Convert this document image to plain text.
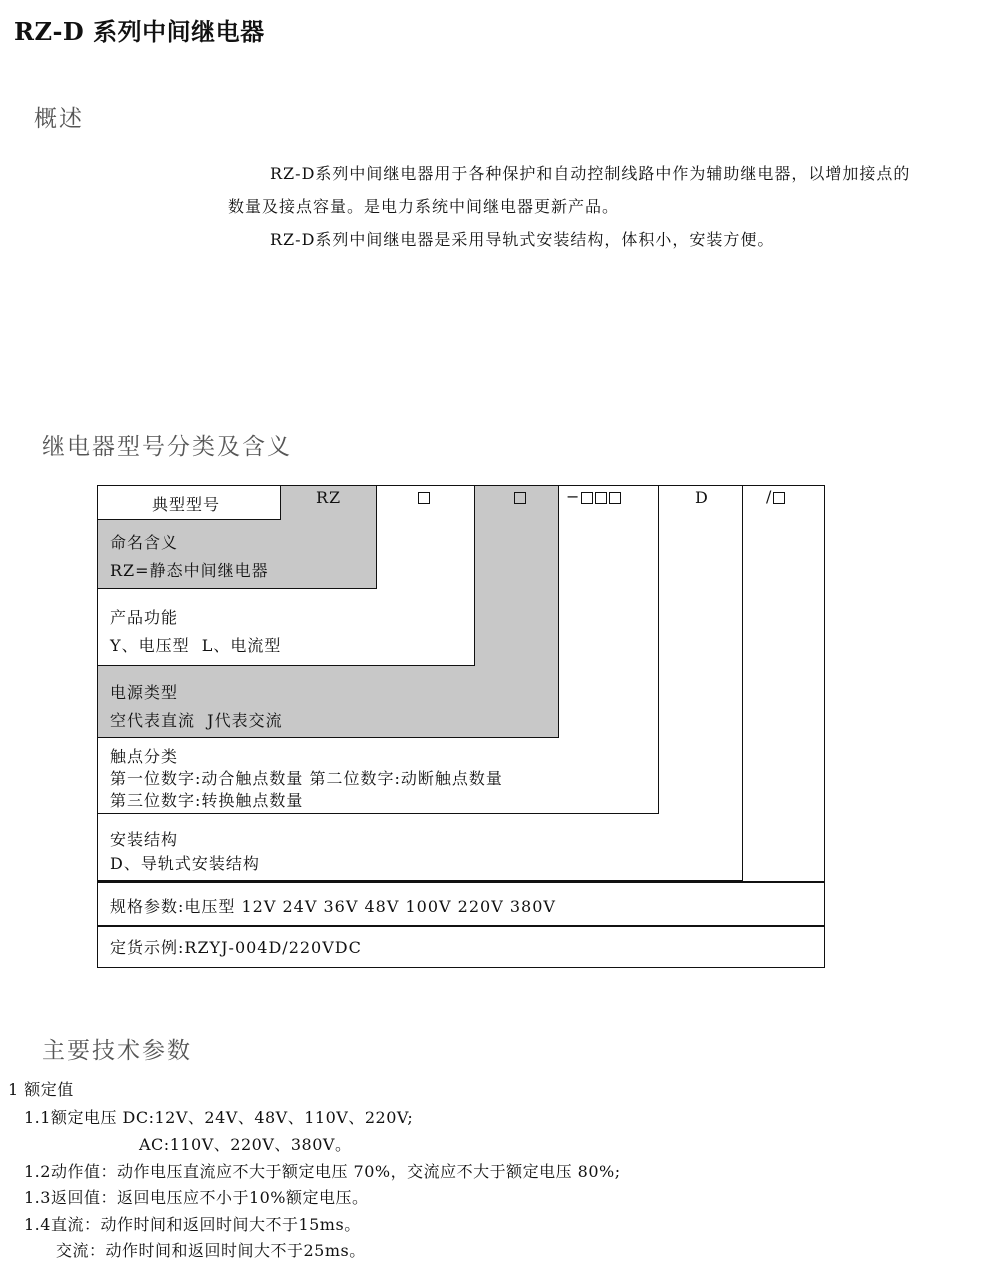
RZ-D 系列中间继电器
概述
RZ-D系列中间继电器用于各种保护和自动控制线路中作为辅助继电器，以增加接点的
数量及接点容量。是电力系统中间继电器更新产品。
RZ-D系列中间继电器是采用导轨式安装结构，体积小，安装方便。
继电器型号分类及含义
典型型号	RZ	−	D	/
命名含义
RZ=静态中间继电器
产品功能
Y、电压型  L、电流型
电源类型
空代表直流  J代表交流
触点分类
第一位数字:动合触点数量 第二位数字:动断触点数量
第三位数字:转换触点数量
安装结构
D、导轨式安装结构
规格参数:电压型 12V 24V 36V 48V 100V 220V 380V
定货示例:RZYJ-004D/220VDC
主要技术参数
1 额定值
1.1额定电压 DC:12V、24V、48V、110V、220V;
AC:110V、220V、380V。
1.2动作值：动作电压直流应不大于额定电压 70%，交流应不大于额定电压 80%;
1.3返回值：返回电压应不小于10%额定电压。
1.4直流：动作时间和返回时间大不于15ms。
交流：动作时间和返回时间大不于25ms。
